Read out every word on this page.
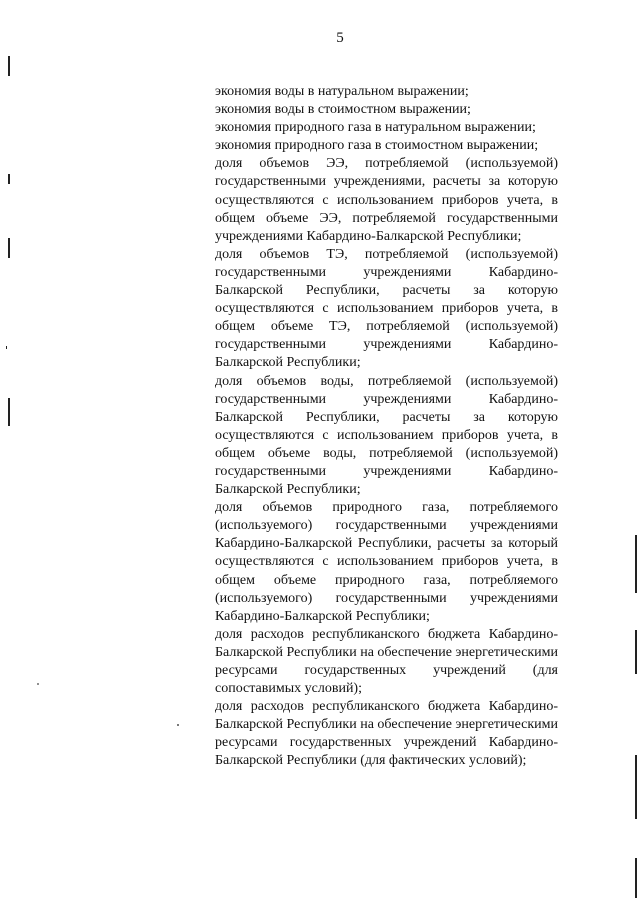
5

экономия воды в натуральном выражении;

экономия воды в стоимостном выражении;

экономия природного газа в натуральном выражении;

экономия природного газа в стоимостном выражении;

доля объемов ЭЭ, потребляемой (используемой) государственными учреждениями, расчеты за которую осуществляются с использованием приборов учета, в общем объеме ЭЭ, потребляемой государственными учреждениями Кабардино-Балкарской Республики;

доля объемов ТЭ, потребляемой (используемой) государственными учреждениями Кабардино-Балкарской Республики, расчеты за которую осуществляются с использованием приборов учета, в общем объеме ТЭ, потребляемой (используемой) государственными учреждениями Кабардино-Балкарской Республики;

доля объемов воды, потребляемой (используемой) государственными учреждениями Кабардино-Балкарской Республики, расчеты за которую осуществляются с использованием приборов учета, в общем объеме воды, потребляемой (используемой) государственными учреждениями Кабардино-Балкарской Республики;

доля объемов природного газа, потребляемого (используемого) государственными учреждениями Кабардино-Балкарской Республики, расчеты за который осуществляются с использованием приборов учета, в общем объеме природного газа, потребляемого (используемого) государственными учреждениями Кабардино-Балкарской Республики;

доля расходов республиканского бюджета Кабардино-Балкарской Республики на обеспечение энергетическими ресурсами государственных учреждений (для сопоставимых условий);

доля расходов республиканского бюджета Кабардино-Балкарской Республики на обеспечение энергетическими ресурсами государственных учреждений Кабардино-Балкарской Республики (для фактических условий);
